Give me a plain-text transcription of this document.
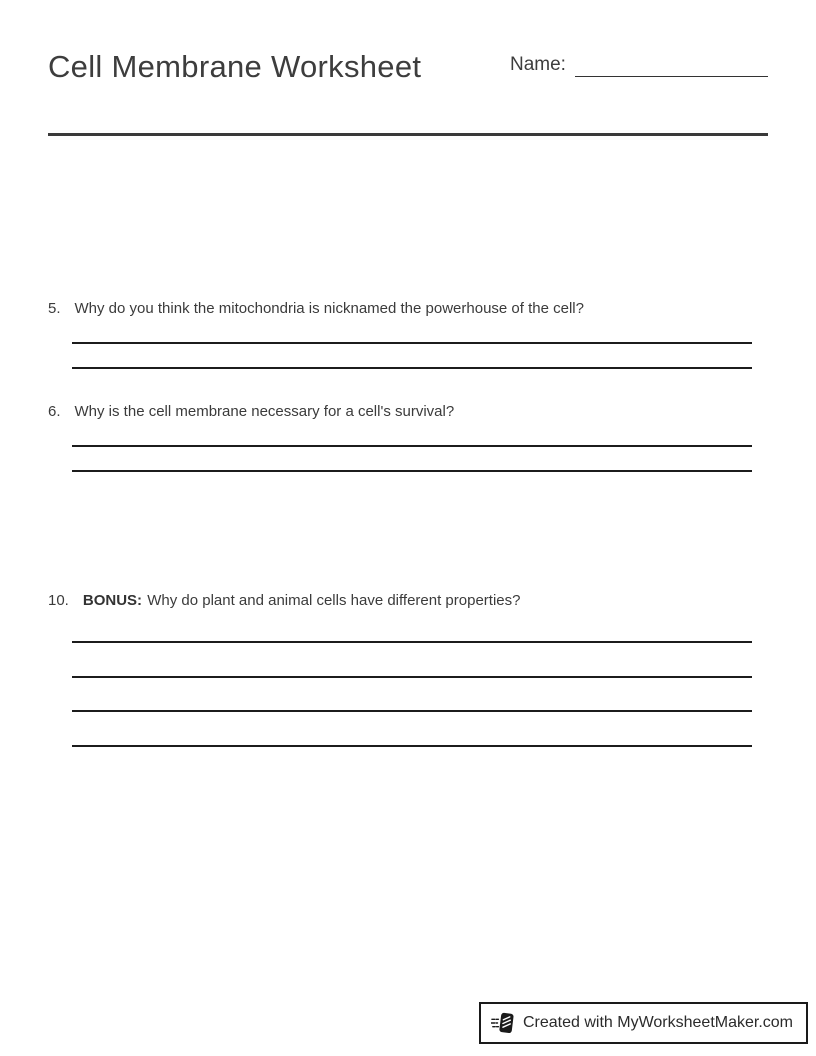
Cell Membrane Worksheet	Name:
5. Why do you think the mitochondria is nicknamed the powerhouse of the cell?
6. Why is the cell membrane necessary for a cell's survival?
10. BONUS: Why do plant and animal cells have different properties?
Created with MyWorksheetMaker.com
